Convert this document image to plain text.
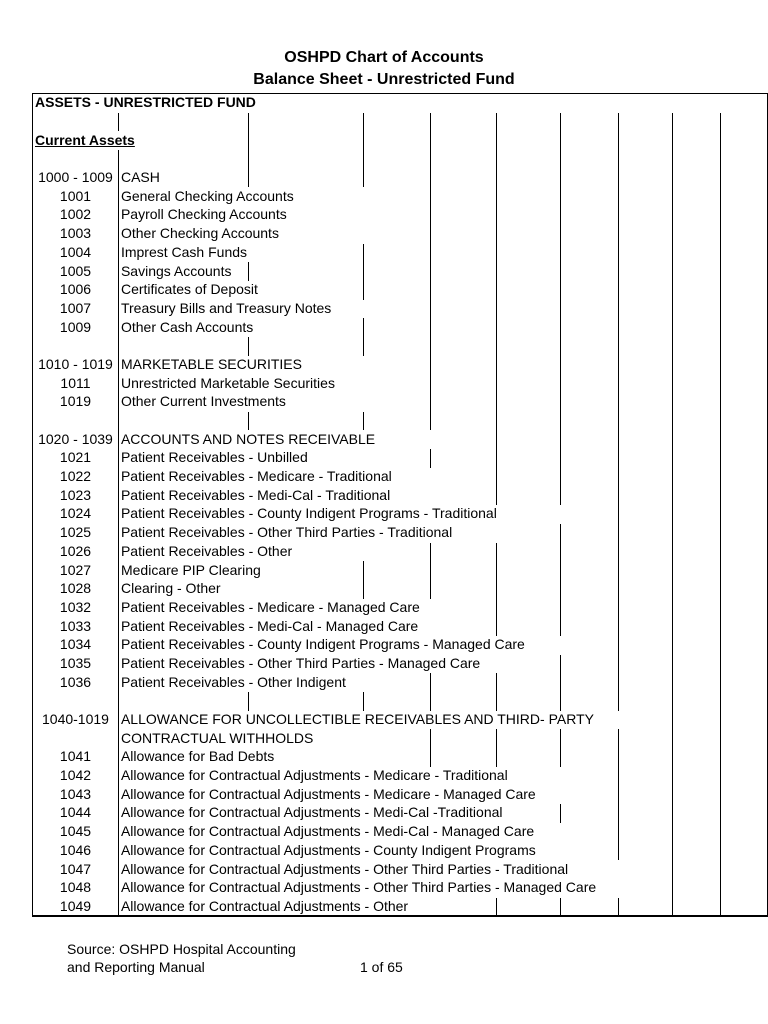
OSHPD Chart of Accounts
Balance Sheet - Unrestricted Fund
ASSETS - UNRESTRICTED FUND									

Current Assets									

1000 - 1009	CASH								
1001	General Checking Accounts								
1002	Payroll Checking Accounts								
1003	Other Checking Accounts								
1004	Imprest Cash Funds								
1005	Savings Accounts								
1006	Certificates of Deposit								
1007	Treasury Bills and Treasury Notes								
1009	Other Cash Accounts								

1010 - 1019	MARKETABLE SECURITIES								
1011	Unrestricted Marketable Securities								
1019	Other Current Investments								

1020 - 1039	ACCOUNTS AND NOTES RECEIVABLE								
1021	Patient Receivables - Unbilled								
1022	Patient Receivables - Medicare - Traditional								
1023	Patient Receivables - Medi-Cal - Traditional								
1024	Patient Receivables - County Indigent Programs - Traditional								
1025	Patient Receivables - Other Third Parties - Traditional								
1026	Patient Receivables - Other								
1027	Medicare PIP Clearing								
1028	Clearing - Other								
1032	Patient Receivables - Medicare - Managed Care								
1033	Patient Receivables - Medi-Cal - Managed Care								
1034	Patient Receivables - County Indigent Programs - Managed Care								
1035	Patient Receivables - Other Third Parties - Managed Care								
1036	Patient Receivables - Other Indigent								

1040-1019	ALLOWANCE FOR UNCOLLECTIBLE RECEIVABLES AND THIRD- PARTY								
	CONTRACTUAL WITHHOLDS								
1041	Allowance for Bad Debts								
1042	Allowance for Contractual Adjustments - Medicare - Traditional								
1043	Allowance for Contractual Adjustments - Medicare - Managed Care								
1044	Allowance for Contractual Adjustments - Medi-Cal -Traditional								
1045	Allowance for Contractual Adjustments - Medi-Cal - Managed Care								
1046	Allowance for Contractual Adjustments - County Indigent Programs								
1047	Allowance for Contractual Adjustments - Other Third Parties - Traditional								
1048	Allowance for Contractual Adjustments - Other Third Parties - Managed Care								
1049	Allowance for Contractual Adjustments - Other								
Source: OSHPD Hospital Accounting
and Reporting Manual	1 of 65
